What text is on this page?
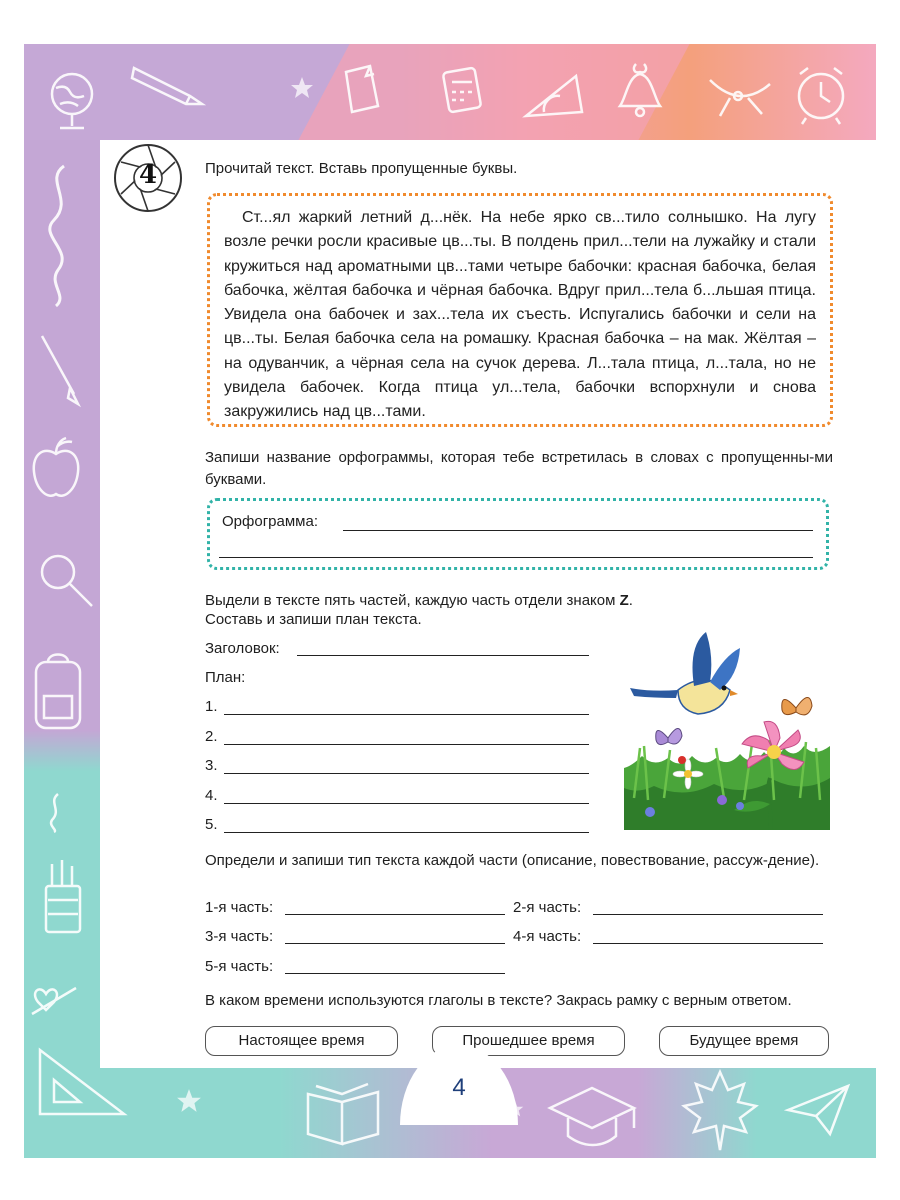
4	Прочитай текст. Вставь пропущенные буквы.
Ст...ял жаркий летний д...нёк. На небе ярко св...тило солнышко. На лугу возле речки росли красивые цв...ты. В полдень прил...тели на лужайку и стали кружиться над ароматными цв...тами четыре бабочки: красная бабочка, белая бабочка, жёлтая бабочка и чёрная бабочка. Вдруг прил...тела б...льшая птица. Увидела она бабочек и зах...тела их съесть. Испугались бабочки и сели на цв...ты. Белая бабочка села на ромашку. Красная бабочка – на мак. Жёлтая – на одуванчик, а чёрная села на сучок дерева. Л...тала птица, л...тала, но не увидела бабочек. Когда птица ул...тела, бабочки вспорхнули и снова закружились над цв...тами.
Запиши название орфограммы, которая тебе встретилась в словах с пропущенны-ми буквами.
Орфограмма:
Выдели в тексте пять частей, каждую часть отдели знаком Z.
Составь и запиши план текста.
Заголовок:
План:
1.
2.
3.
4.
5.
Определи и запиши тип текста каждой части (описание, повествование, рассуж-дение).
1-я часть:	2-я часть:
3-я часть:	4-я часть:
5-я часть:
В каком времени используются глаголы в тексте? Закрась рамку с верным ответом.
Настоящее время	Прошедшее время	Будущее время
4
